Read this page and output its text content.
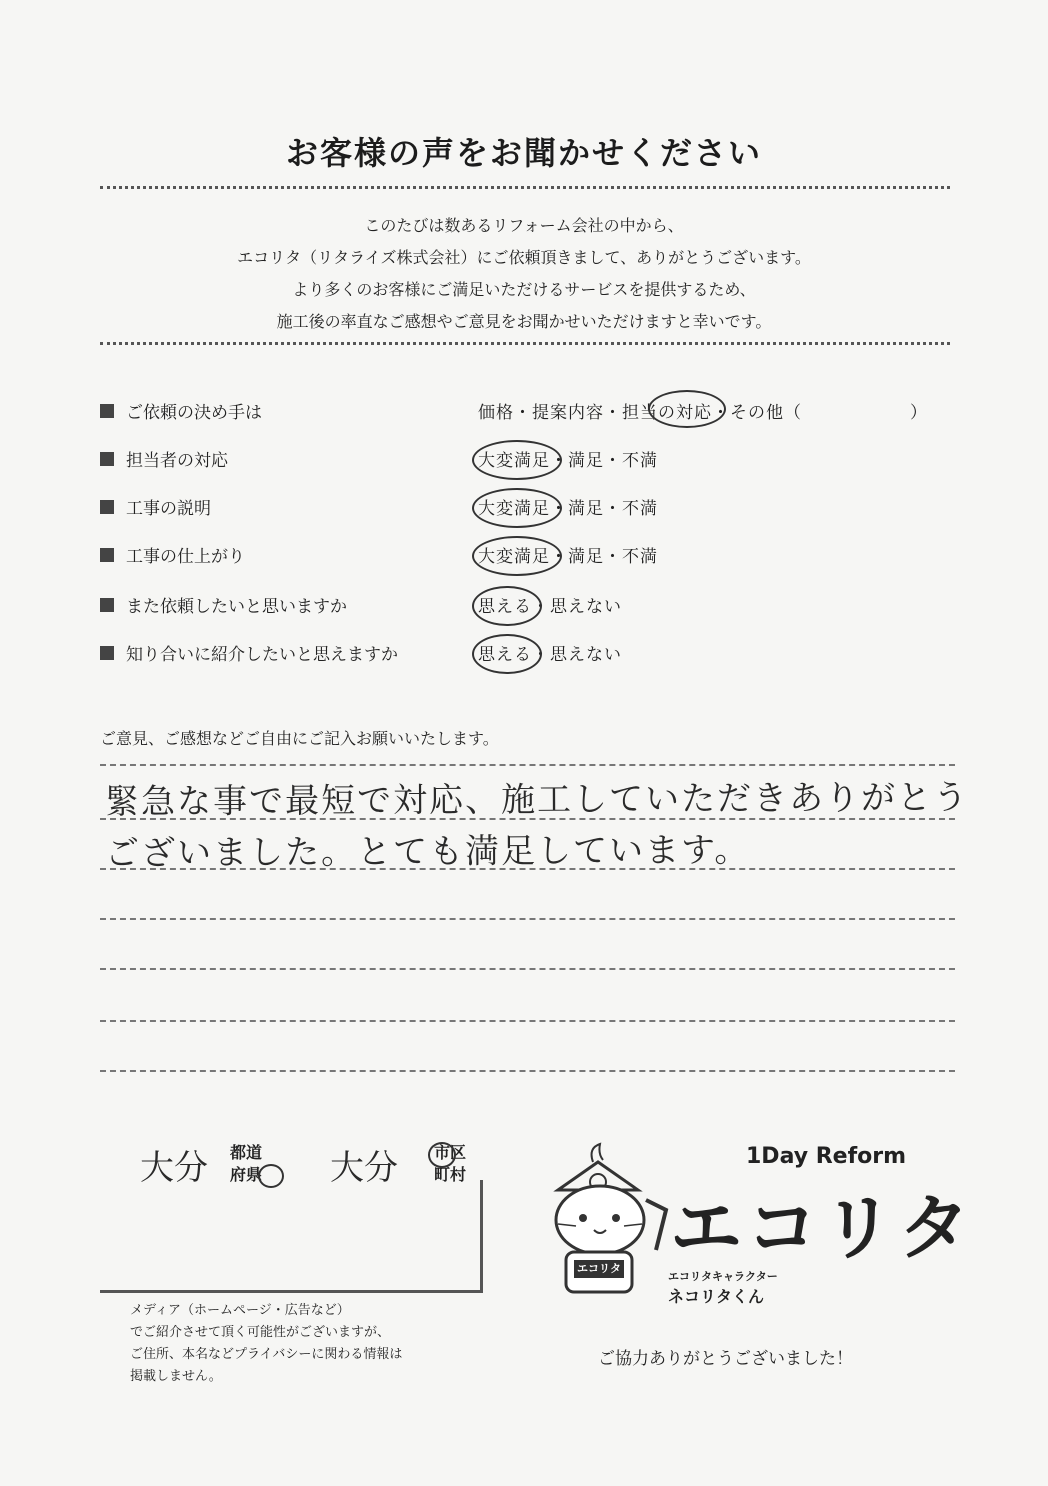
お客様の声をお聞かせください
このたびは数あるリフォーム会社の中から、
エコリタ（リタライズ株式会社）にご依頼頂きまして、ありがとうございます。
より多くのお客様にご満足いただけるサービスを提供するため、
施工後の率直なご感想やご意見をお聞かせいただけますと幸いです。
ご依頼の決め手は	価格・提案内容・担当の対応・その他（　　　　　　）
担当者の対応	大変満足・満足・不満
工事の説明	大変満足・満足・不満
工事の仕上がり	大変満足・満足・不満
また依頼したいと思いますか	思える・思えない
知り合いに紹介したいと思えますか	思える・思えない
ご意見、ご感想などご自由にご記入お願いいたします。
緊急な事で最短で対応、施工していただきありがとう
ございました。とても満足しています。
大分 都道
府県 大分 市区
町村
メディア（ホームページ・広告など）
でご紹介させて頂く可能性がございますが、
ご住所、本名などプライバシーに関わる情報は
掲載しません。
エコリタ
1Day Reform
エコリタ
エコリタキャラクター
ネコリタくん
ご協力ありがとうございました！
